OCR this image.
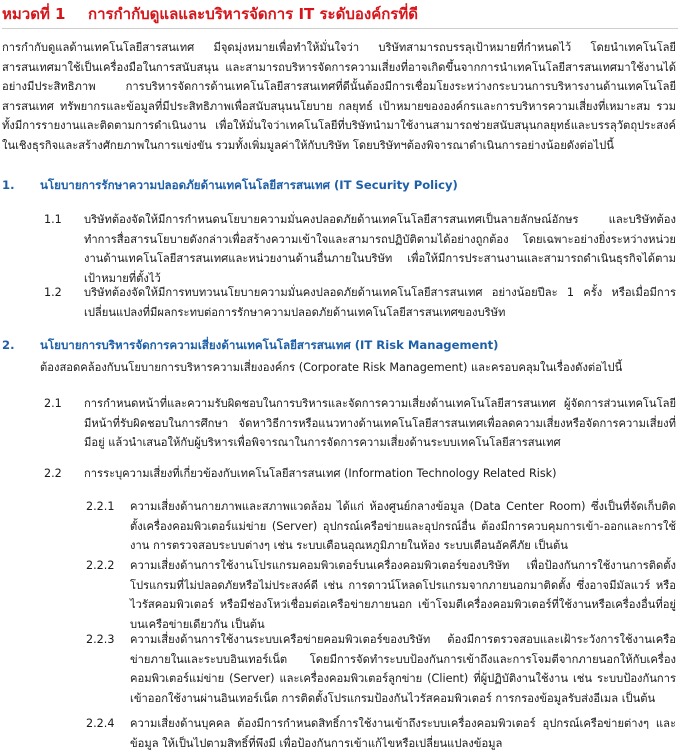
หมวดที่ 1 การกำกับดูแลและบริหารจัดการ IT ระดับองค์กรที่ดี
การกำกับดูแลด้านเทคโนโลยีสารสนเทศ มีจุดมุ่งหมายเพื่อทำให้มั่นใจว่า บริษัทสามารถบรรลุเป้าหมายที่กำหนดไว้ โดยนำเทคโนโลยีสารสนเทศมาใช้เป็นเครื่องมือในการสนับสนุน และสามารถบริหารจัดการความเสี่ยงที่อาจเกิดขึ้นจากการนำเทคโนโลยีสารสนเทศมาใช้งานได้อย่างมีประสิทธิภาพ การบริหารจัดการด้านเทคโนโลยีสารสนเทศที่ดีนั้นต้องมีการเชื่อมโยงระหว่างกระบวนการบริหารงานด้านเทคโนโลยีสารสนเทศ ทรัพยากรและข้อมูลที่มีประสิทธิภาพเพื่อสนับสนุนนโยบาย กลยุทธ์ เป้าหมายขององค์กรและการบริหารความเสี่ยงที่เหมาะสม รวมทั้งมีการรายงานและติดตามการดำเนินงาน เพื่อให้มั่นใจว่าเทคโนโลยีที่บริษัทนำมาใช้งานสามารถช่วยสนับสนุนกลยุทธ์และบรรลุวัตถุประสงค์ในเชิงธุรกิจและสร้างศักยภาพในการแข่งขัน รวมทั้งเพิ่มมูลค่าให้กับบริษัท โดยบริษัทฯต้องพิจารณาดำเนินการอย่างน้อยดังต่อไปนี้
1. นโยบายการรักษาความปลอดภัยด้านเทคโนโลยีสารสนเทศ (IT Security Policy)
1.1 บริษัทต้องจัดให้มีการกำหนดนโยบายความมั่นคงปลอดภัยด้านเทคโนโลยีสารสนเทศเป็นลายลักษณ์อักษร และบริษัทต้องทำการสื่อสารนโยบายดังกล่าวเพื่อสร้างความเข้าใจและสามารถปฏิบัติตามได้อย่างถูกต้อง โดยเฉพาะอย่างยิ่งระหว่างหน่วยงานด้านเทคโนโลยีสารสนเทศและหน่วยงานด้านอื่นภายในบริษัท เพื่อให้มีการประสานงานและสามารถดำเนินธุรกิจได้ตามเป้าหมายที่ตั้งไว้
1.2 บริษัทต้องจัดให้มีการทบทวนนโยบายความมั่นคงปลอดภัยด้านเทคโนโลยีสารสนเทศ อย่างน้อยปีละ 1 ครั้ง หรือเมื่อมีการเปลี่ยนแปลงที่มีผลกระทบต่อการรักษาความปลอดภัยด้านเทคโนโลยีสารสนเทศของบริษัท
2. นโยบายการบริหารจัดการความเสี่ยงด้านเทคโนโลยีสารสนเทศ (IT Risk Management)
ต้องสอดคล้องกับนโยบายการบริหารความเสี่ยงองค์กร (Corporate Risk Management) และครอบคลุมในเรื่องดังต่อไปนี้
2.1 การกำหนดหน้าที่และความรับผิดชอบในการบริหารและจัดการความเสี่ยงด้านเทคโนโลยีสารสนเทศ ผู้จัดการส่วนเทคโนโลยีมีหน้าที่รับผิดชอบในการศึกษา จัดหาวิธีการหรือแนวทางด้านเทคโนโลยีสารสนเทศเพื่อลดความเสี่ยงหรือจัดการความเสี่ยงที่มีอยู่ แล้วนำเสนอให้กับผู้บริหารเพื่อพิจารณาในการจัดการความเสี่ยงด้านระบบเทคโนโลยีสารสนเทศ
2.2 การระบุความเสี่ยงที่เกี่ยวข้องกับเทคโนโลยีสารสนเทศ (Information Technology Related Risk)
2.2.1 ความเสี่ยงด้านกายภาพและสภาพแวดล้อม ได้แก่ ห้องศูนย์กลางข้อมูล (Data Center Room) ซึ่งเป็นที่จัดเก็บติดตั้งเครื่องคอมพิวเตอร์แม่ข่าย (Server) อุปกรณ์เครือข่ายและอุปกรณ์อื่น ต้องมีการควบคุมการเข้า-ออกและการใช้งาน การตรวจสอบระบบต่างๆ เช่น ระบบเตือนอุณหภูมิภายในห้อง ระบบเตือนอัคคีภัย เป็นต้น
2.2.2 ความเสี่ยงด้านการใช้งานโปรแกรมคอมพิวเตอร์บนเครื่องคอมพิวเตอร์ของบริษัท เพื่อป้องกันการใช้งานการติดตั้งโปรแกรมที่ไม่ปลอดภัยหรือไม่ประสงค์ดี เช่น การดาวน์โหลดโปรแกรมจากภายนอกมาติดตั้ง ซึ่งอาจมีมัลแวร์ หรือไวรัสคอมพิวเตอร์ หรือมีช่องโหว่เชื่อมต่อเครือข่ายภายนอก เข้าโจมตีเครื่องคอมพิวเตอร์ที่ใช้งานหรือเครื่องอื่นที่อยู่บนเครือข่ายเดียวกัน เป็นต้น
2.2.3 ความเสี่ยงด้านการใช้งานระบบเครือข่ายคอมพิวเตอร์ของบริษัท ต้องมีการตรวจสอบและเฝ้าระวังการใช้งานเครือข่ายภายในและระบบอินเทอร์เน็ต โดยมีการจัดทำระบบป้องกันการเข้าถึงและการโจมตีจากภายนอกให้กับเครื่องคอมพิวเตอร์แม่ข่าย (Server) และเครื่องคอมพิวเตอร์ลูกข่าย (Client) ที่ผู้ปฏิบัติงานใช้งาน เช่น ระบบป้องกันการเข้าออกใช้งานผ่านอินเทอร์เน็ต การติดตั้งโปรแกรมป้องกันไวรัสคอมพิวเตอร์ การกรองข้อมูลรับส่งอีเมล เป็นต้น
2.2.4 ความเสี่ยงด้านบุคคล ต้องมีการกำหนดสิทธิ์การใช้งานเข้าถึงระบบเครื่องคอมพิวเตอร์ อุปกรณ์เครือข่ายต่างๆ และข้อมูล ให้เป็นไปตามสิทธิ์ที่พึงมี เพื่อป้องกันการเข้าแก้ไขหรือเปลี่ยนแปลงข้อมูล
